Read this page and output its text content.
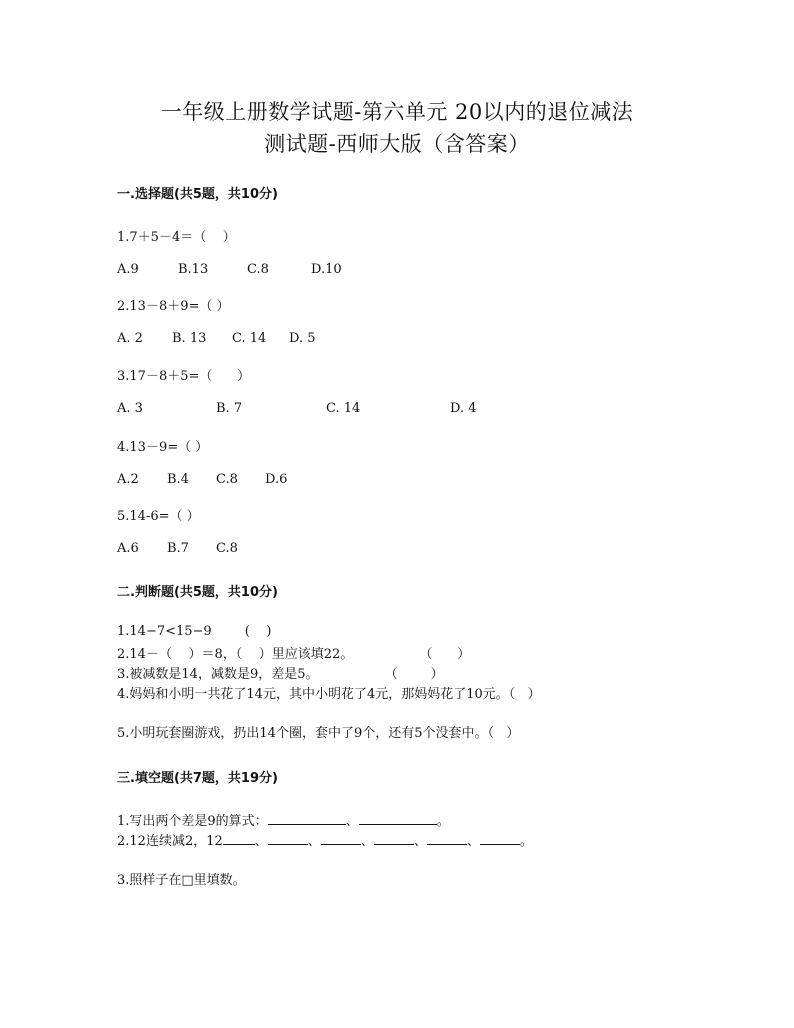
一年级上册数学试题-第六单元 20以内的退位减法
测试题-西师大版（含答案）
一.选择题(共5题，共10分)
1.7＋5－4＝（    ）
A.9	B.13	C.8	D.10
2.13－8＋9=（ ）
A. 2 B. 13 C. 14 D. 5
3.17－8＋5=（      ）
A. 3	B. 7	C. 14	D. 4
4.13－9=（ ）
A.2 B.4 C.8 D.6
5.14-6=（ ）
A.6 B.7 C.8
二.判断题(共5题，共10分)
1.14−7<15−9        (    )
2.14－（    ）＝8，（    ）里应该填22。                （      ）
3.被减数是14，减数是9，差是5。                （        ）
4.妈妈和小明一共花了14元，其中小明花了4元，那妈妈花了10元。（   ）
5.小明玩套圈游戏，扔出14个圈，套中了9个，还有5个没套中。（   ）
三.填空题(共7题，共19分)
1.写出两个差是9的算式：	、	。
2.12连续减2，12 、	、	、	、	、	。
3.照样子在□里填数。
